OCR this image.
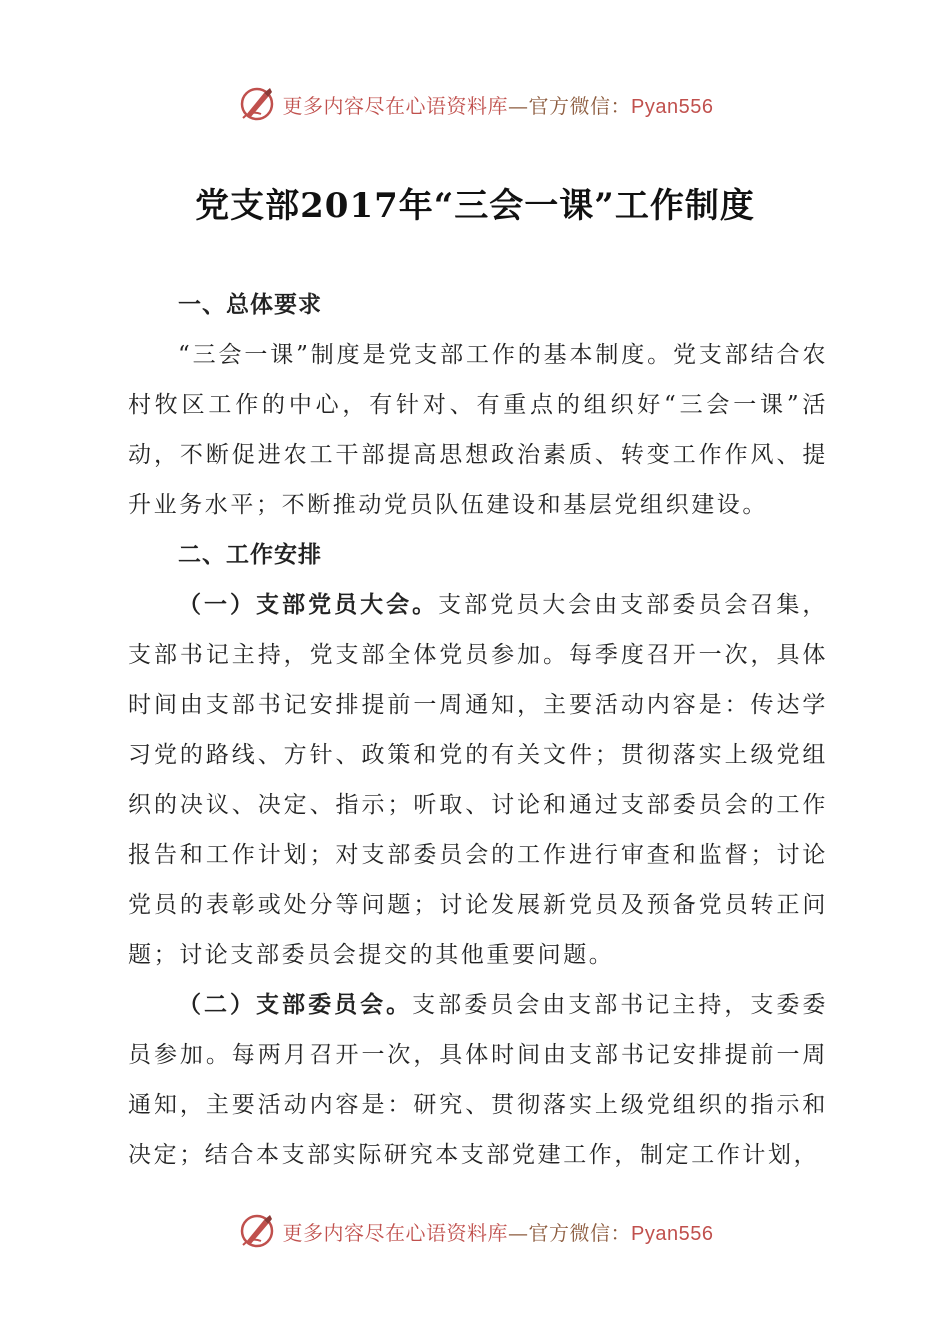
更多内容尽在心语资料库—官方微信：Pyan556
党支部2017年“三会一课”工作制度

一、总体要求

“三会一课”制度是党支部工作的基本制度。党支部结合农村牧区工作的中心，有针对、有重点的组织好“三会一课”活动，不断促进农工干部提高思想政治素质、转变工作作风、提升业务水平；不断推动党员队伍建设和基层党组织建设。

二、工作安排

（一）支部党员大会。支部党员大会由支部委员会召集，支部书记主持，党支部全体党员参加。每季度召开一次，具体时间由支部书记安排提前一周通知，主要活动内容是：传达学习党的路线、方针、政策和党的有关文件；贯彻落实上级党组织的决议、决定、指示；听取、讨论和通过支部委员会的工作报告和工作计划；对支部委员会的工作进行审查和监督；讨论党员的表彰或处分等问题；讨论发展新党员及预备党员转正问题；讨论支部委员会提交的其他重要问题。

（二）支部委员会。支部委员会由支部书记主持，支委委员参加。每两月召开一次，具体时间由支部书记安排提前一周通知，主要活动内容是：研究、贯彻落实上级党组织的指示和决定；结合本支部实际研究本支部党建工作，制定工作计划，

更多内容尽在心语资料库—官方微信：Pyan556
